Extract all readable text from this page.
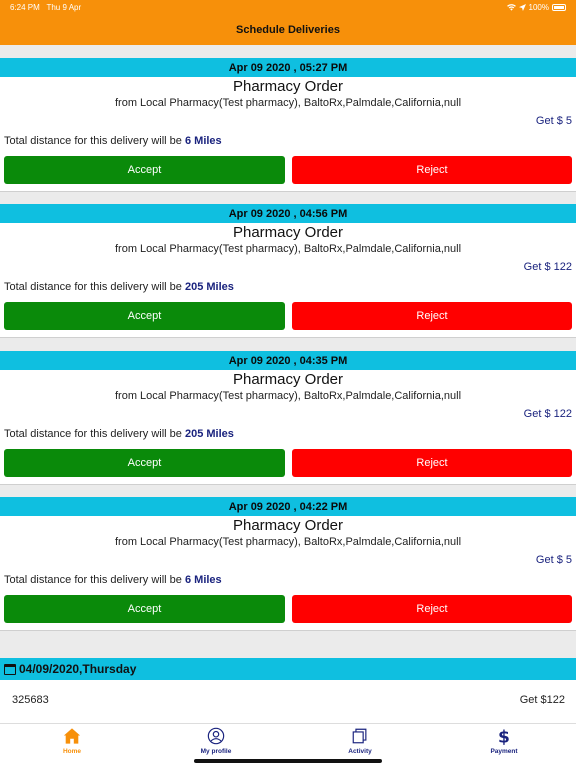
6:24 PM Thu 9 Apr	100%
Schedule Deliveries
Apr 09 2020 , 05:27 PM
Pharmacy Order
from Local Pharmacy(Test pharmacy), BaltoRx,Palmdale,California,null
Get $ 5
Total distance for this delivery will be 6 Miles
Accept	Reject
Apr 09 2020 , 04:56 PM
Pharmacy Order
from Local Pharmacy(Test pharmacy), BaltoRx,Palmdale,California,null
Get $ 122
Total distance for this delivery will be 205 Miles
Accept	Reject
Apr 09 2020 , 04:35 PM
Pharmacy Order
from Local Pharmacy(Test pharmacy), BaltoRx,Palmdale,California,null
Get $ 122
Total distance for this delivery will be 205 Miles
Accept	Reject
Apr 09 2020 , 04:22 PM
Pharmacy Order
from Local Pharmacy(Test pharmacy), BaltoRx,Palmdale,California,null
Get $ 5
Total distance for this delivery will be 6 Miles
Accept	Reject
04/09/2020,Thursday
325683	Get $122
Home	My profile	Activity
$
Payment
